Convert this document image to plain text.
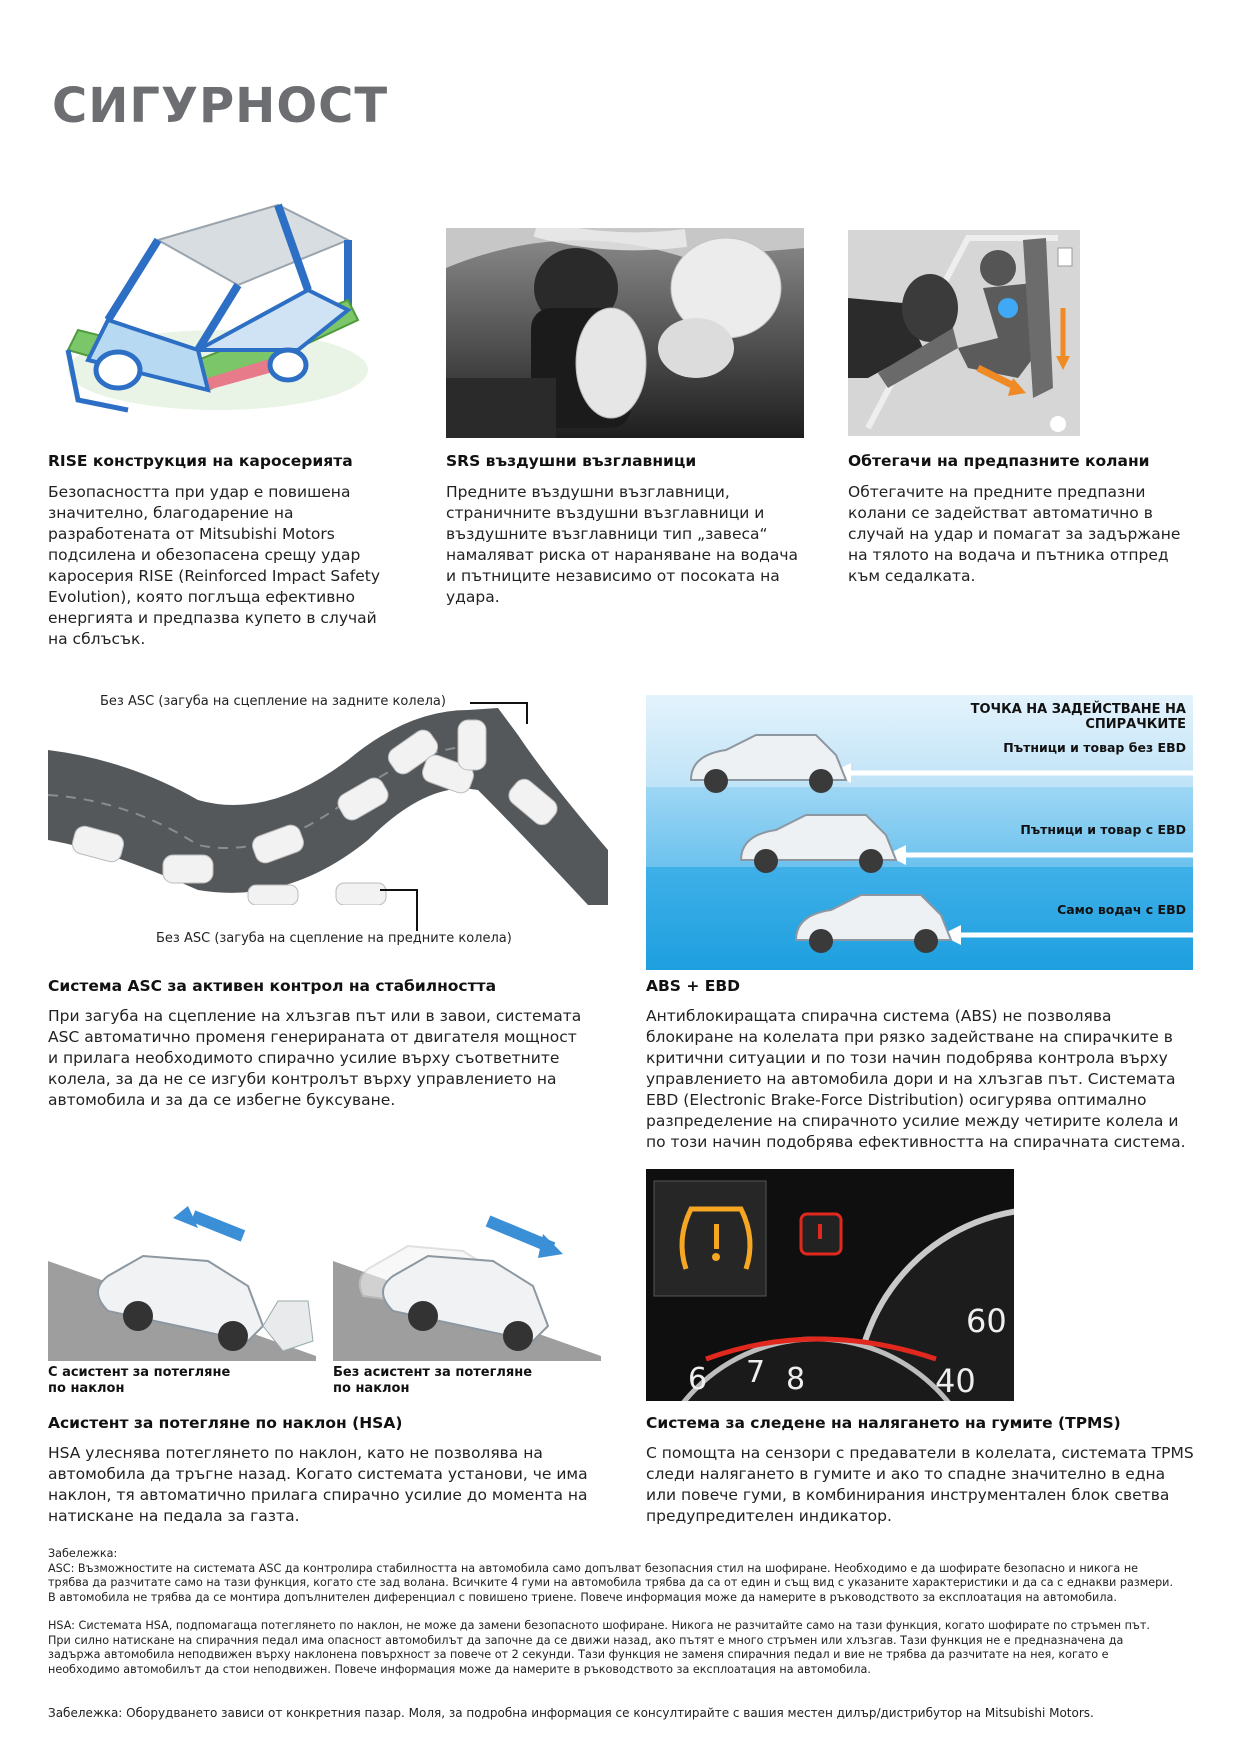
СИГУРНОСТ
RISE конструкция на каросерията
Безопасността при удар е повишена
значително, благодарение на
разработената от Mitsubishi Motors
подсилена и обезопасена срещу удар
каросерия RISE (Reinforced Impact Safety
Evolution), която поглъща ефективно
енергията и предпазва купето в случай
на сблъсък.
SRS въздушни възглавници
Предните въздушни възглавници,
страничните въздушни възглавници и
въздушните възглавници тип „завеса“
намаляват риска от нараняване на водача
и пътниците независимо от посоката на
удара.
Обтегачи на предпазните колани
Обтегачите на предните предпазни
колани се задействат автоматично в
случай на удар и помагат за задържане
на тялото на водача и пътника отпред
към седалката.
Без ASC (загуба на сцепление на задните колела)
Без ASC (загуба на сцепление на предните колела)
Система ASC за активен контрол на стабилността
При загуба на сцепление на хлъзгав път или в завои, системата
ASC автоматично променя генерираната от двигателя мощност
и прилага необходимото спирачно усилие върху съответните
колела, за да не се изгуби контролът върху управлението на
автомобила и за да се избегне буксуване.
ТОЧКА НА ЗАДЕЙСТВАНЕ НА СПИРАЧКИТЕ
Пътници и товар без EBD
Пътници и товар с EBD
Само водач с EBD
ABS + EBD
Антиблокиращата спирачна система (ABS) не позволява
блокиране на колелата при рязко задействане на спирачките в
критични ситуации и по този начин подобрява контрола върху
управлението на автомобила дори и на хлъзгав път. Системата
EBD (Electronic Brake-Force Distribution) осигурява оптимално
разпределение на спирачното усилие между четирите колела и
по този начин подобрява ефективността на спирачната система.
С асистент за потегляне
по наклон
Без асистент за потегляне
по наклон
Асистент за потегляне по наклон (HSA)
HSA улеснява потеглянето по наклон, като не позволява на
автомобила да тръгне назад. Когато системата установи, че има
наклон, тя автоматично прилага спирачно усилие до момента на
натискане на педала за газта.
6 7 8
60
40
Система за следене на налягането на гумите (TPMS)
С помощта на сензори с предаватели в колелата, системата TPMS
следи налягането в гумите и ако то спадне значително в една
или повече гуми, в комбинирания инструментален блок светва
предупредителен индикатор.
Забележка:
ASC: Възможностите на системата ASC да контролира стабилността на автомобила само допълват безопасния стил на шофиране. Необходимо е да шофирате безопасно и никога не
трябва да разчитате само на тази функция, когато сте зад волана. Всичките 4 гуми на автомобила трябва да са от един и същ вид с указаните характеристики и да са с еднакви размери.
В автомобила не трябва да се монтира допълнителен диференциал с повишено триене. Повече информация може да намерите в ръководството за експлоатация на автомобила.
HSA: Системата HSA, подпомагаща потеглянето по наклон, не може да замени безопасното шофиране. Никога не разчитайте само на тази функция, когато шофирате по стръмен път.
При силно натискане на спирачния педал има опасност автомобилът да започне да се движи назад, ако пътят е много стръмен или хлъзгав. Тази функция не е предназначена да
задържа автомобила неподвижен върху наклонена повърхност за повече от 2 секунди. Тази функция не заменя спирачния педал и вие не трябва да разчитате на нея, когато е
необходимо автомобилът да стои неподвижен. Повече информация може да намерите в ръководството за експлоатация на автомобила.
Забележка: Оборудването зависи от конкретния пазар. Моля, за подробна информация се консултирайте с вашия местен дилър/дистрибутор на Mitsubishi Motors.
